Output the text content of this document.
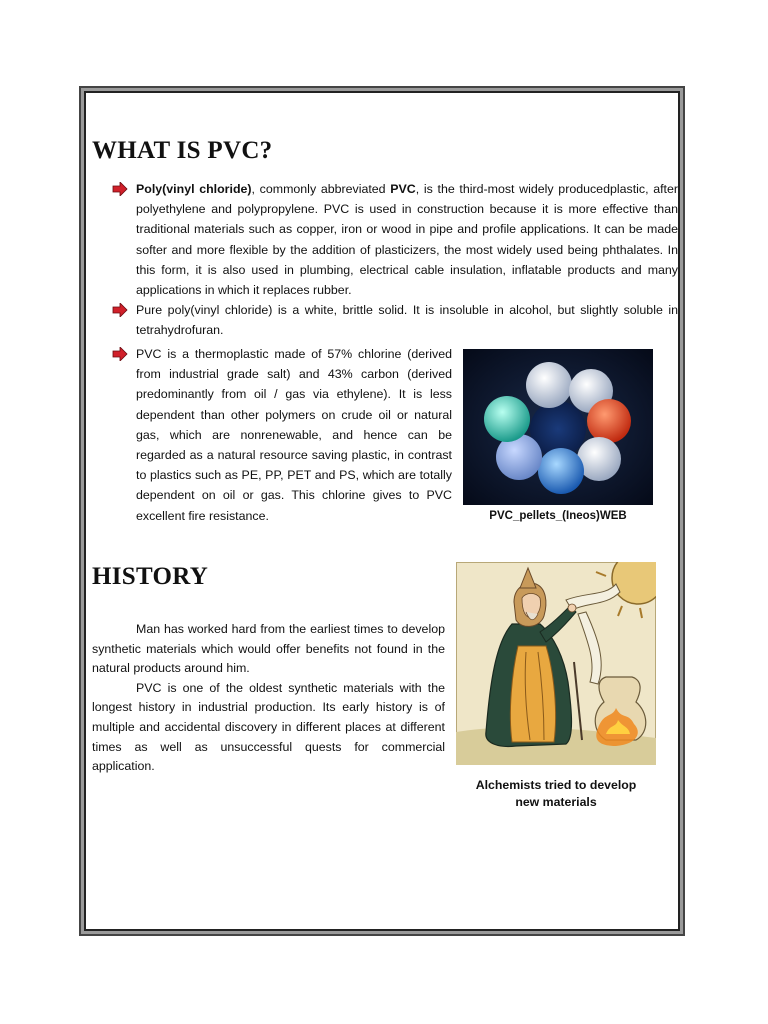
WHAT IS PVC?
Poly(vinyl chloride), commonly abbreviated PVC, is the third-most widely producedplastic, after polyethylene and polypropylene. PVC is used in construction because it is more effective than traditional materials such as copper, iron or wood in pipe and profile applications. It can be made softer and more flexible by the addition of plasticizers, the most widely used being phthalates. In this form, it is also used in plumbing, electrical cable insulation, inflatable products and many applications in which it replaces rubber.
Pure poly(vinyl chloride) is a white, brittle solid. It is insoluble in alcohol, but slightly soluble in tetrahydrofuran.
PVC is a thermoplastic made of 57% chlorine (derived from industrial grade salt) and 43% carbon (derived predominantly from oil / gas via ethylene). It is less dependent than other polymers on crude oil or natural gas, which are nonrenewable, and hence can be regarded as a natural resource saving plastic, in contrast to plastics such as PE, PP, PET and PS, which are totally dependent on oil or gas. This chlorine gives to PVC excellent fire resistance.	PVC_pellets_(Ineos)WEB
HISTORY

Man has worked hard from the earliest times to develop synthetic materials which would offer benefits not found in the natural products around him.

PVC is one of the oldest synthetic materials with the longest history in industrial production. Its early history is of multiple and accidental discovery in different places at different times as well as unsuccessful quests for commercial application.

Alchemists tried to develop
new materials
